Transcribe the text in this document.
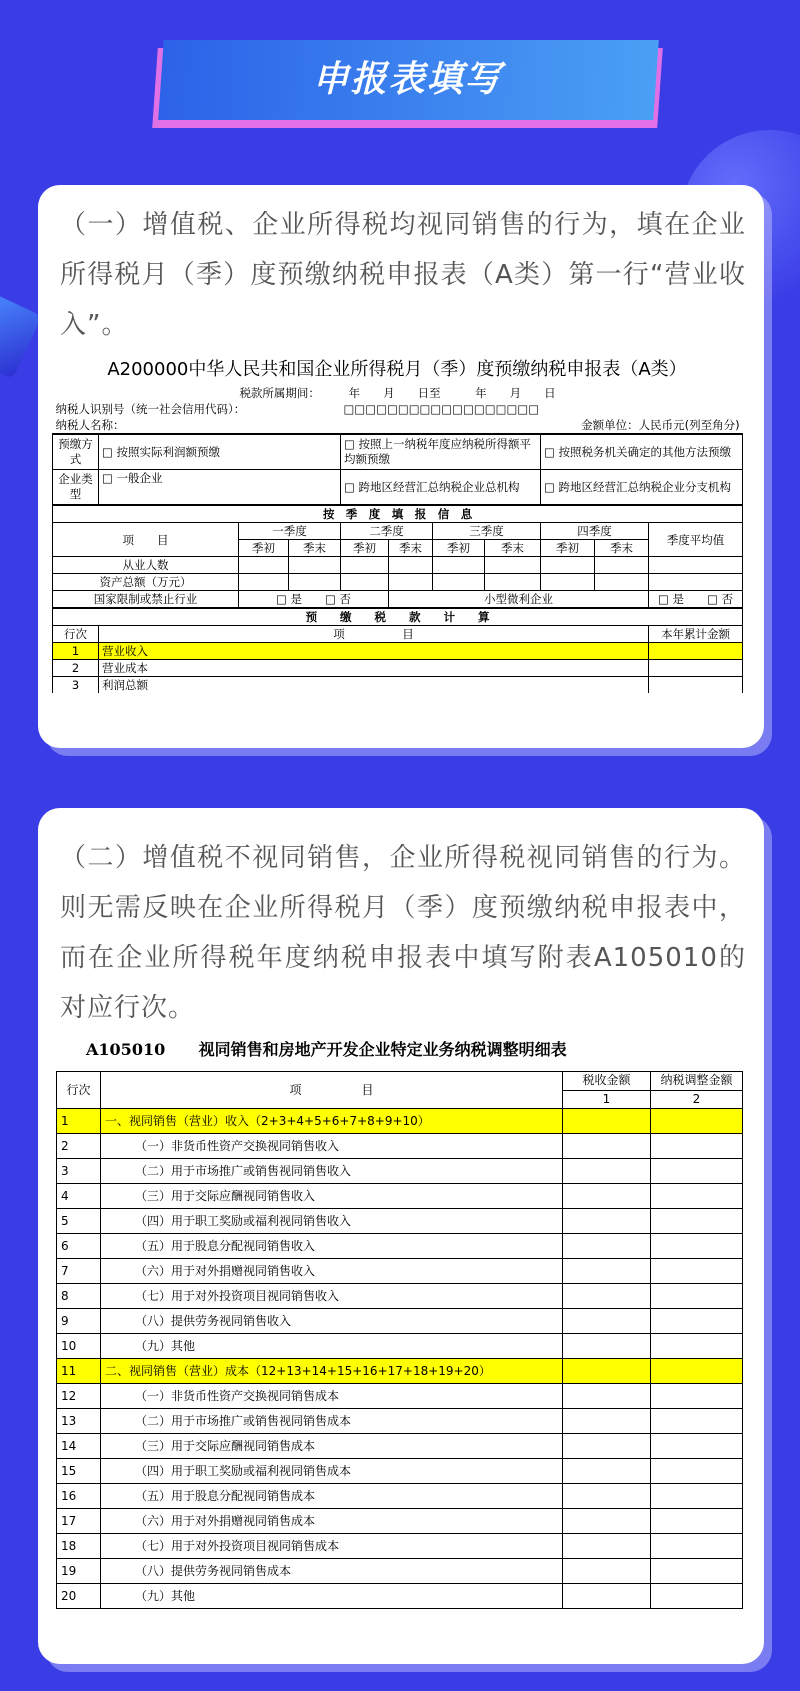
申报表填写
（一）增值税、企业所得税均视同销售的行为，填在企业所得税月（季）度预缴纳税申报表（A类）第一行“营业收入”。
A200000中华人民共和国企业所得税月（季）度预缴纳税申报表（A类）
税款所属期间：　　　年　　月　　日至　　　年　　月　　日										
纳税人识别号（统一社会信用代码）：				□□□□□□□□□□□□□□□□□□						
纳税人名称：				金额单位：人民币元(列至角分)						
预缴方式	□ 按照实际利润额预缴			□ 按照上一纳税年度应纳税所得额平均额预缴				□ 按照税务机关确定的其他方法预缴		
企业类型	□ 一般企业			□ 跨地区经营汇总纳税企业总机构				□ 跨地区经营汇总纳税企业分支机构		
按　季　度　填　报　信　息										
项　　目		一季度		二季度		三季度		四季度		季度平均值
		季初	季末	季初	季末	季初	季末	季初	季末	
从业人数										
资产总额（万元）										
国家限制或禁止行业		□ 是　　□ 否			小型微利企业					□ 是　　□ 否
预　　缴　　税　　款　　计　　算										
行次	项　　　　　目									本年累计金额
1	营业收入									
2	营业成本									
3	利润总额									
（二）增值税不视同销售，企业所得税视同销售的行为。则无需反映在企业所得税月（季）度预缴纳税申报表中，而在企业所得税年度纳税申报表中填写附表A105010的对应行次。
A105010 视同销售和房地产开发企业特定业务纳税调整明细表
行次	项　　　　　目	税收金额	纳税调整金额
		1	2
1	一、视同销售（营业）收入（2+3+4+5+6+7+8+9+10）		
2	（一）非货币性资产交换视同销售收入		
3	（二）用于市场推广或销售视同销售收入		
4	（三）用于交际应酬视同销售收入		
5	（四）用于职工奖励或福利视同销售收入		
6	（五）用于股息分配视同销售收入		
7	（六）用于对外捐赠视同销售收入		
8	（七）用于对外投资项目视同销售收入		
9	（八）提供劳务视同销售收入		
10	（九）其他		
11	二、视同销售（营业）成本（12+13+14+15+16+17+18+19+20）		
12	（一）非货币性资产交换视同销售成本		
13	（二）用于市场推广或销售视同销售成本		
14	（三）用于交际应酬视同销售成本		
15	（四）用于职工奖励或福利视同销售成本		
16	（五）用于股息分配视同销售成本		
17	（六）用于对外捐赠视同销售成本		
18	（七）用于对外投资项目视同销售成本		
19	（八）提供劳务视同销售成本		
20	（九）其他		
